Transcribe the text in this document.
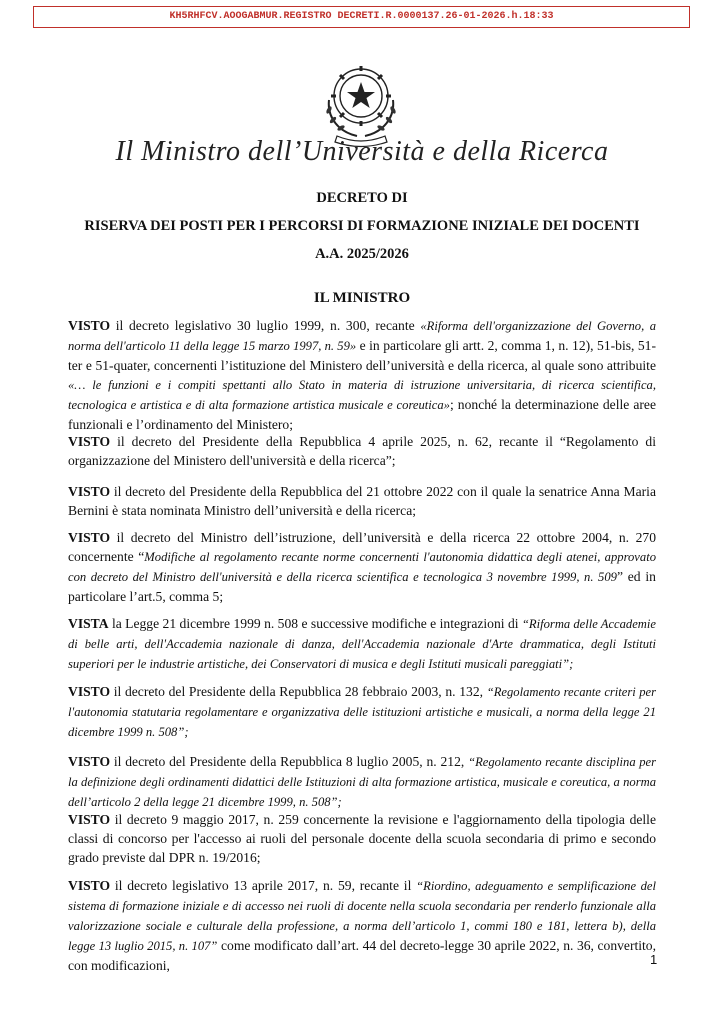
KH5RHFCV.AOOGABMUR.REGISTRO DECRETI.R.0000137.26-01-2026.h.18:33
Il Ministro dell’Università e della Ricerca
DECRETO DI
RISERVA DEI POSTI PER I PERCORSI DI FORMAZIONE INIZIALE DEI DOCENTI
A.A. 2025/2026
IL MINISTRO
VISTO il decreto legislativo 30 luglio 1999, n. 300, recante «Riforma dell'organizzazione del Governo, a norma dell'articolo 11 della legge 15 marzo 1997, n. 59» e in particolare gli artt. 2, comma 1, n. 12), 51-bis, 51-ter e 51-quater, concernenti l’istituzione del Ministero dell’università e della ricerca, al quale sono attribuite «… le funzioni e i compiti spettanti allo Stato in materia di istruzione universitaria, di ricerca scientifica, tecnologica e artistica e di alta formazione artistica musicale e coreutica»; nonché la determinazione delle aree funzionali e l’ordinamento del Ministero;
VISTO il decreto del Presidente della Repubblica 4 aprile 2025, n. 62, recante il “Regolamento di organizzazione del Ministero dell'università e della ricerca”;
VISTO il decreto del Presidente della Repubblica del 21 ottobre 2022 con il quale la senatrice Anna Maria Bernini è stata nominata Ministro dell’università e della ricerca;
VISTO il decreto del Ministro dell’istruzione, dell’università e della ricerca 22 ottobre 2004, n. 270 concernente “Modifiche al regolamento recante norme concernenti l'autonomia didattica degli atenei, approvato con decreto del Ministro dell'università e della ricerca scientifica e tecnologica 3 novembre 1999, n. 509” ed in particolare l’art.5, comma 5;
VISTA la Legge 21 dicembre 1999 n. 508 e successive modifiche e integrazioni di “Riforma delle Accademie di belle arti, dell'Accademia nazionale di danza, dell'Accademia nazionale d'Arte drammatica, degli Istituti superiori per le industrie artistiche, dei Conservatori di musica e degli Istituti musicali pareggiati”;
VISTO il decreto del Presidente della Repubblica 28 febbraio 2003, n. 132, “Regolamento recante criteri per l'autonomia statutaria regolamentare e organizzativa delle istituzioni artistiche e musicali, a norma della legge 21 dicembre 1999 n. 508”;
VISTO il decreto del Presidente della Repubblica 8 luglio 2005, n. 212, “Regolamento recante disciplina per la definizione degli ordinamenti didattici delle Istituzioni di alta formazione artistica, musicale e coreutica, a norma dell’articolo 2 della legge 21 dicembre 1999, n. 508”;
VISTO il decreto 9 maggio 2017, n. 259 concernente la revisione e l'aggiornamento della tipologia delle classi di concorso per l'accesso ai ruoli del personale docente della scuola secondaria di primo e secondo grado previste dal DPR n. 19/2016;
VISTO il decreto legislativo 13 aprile 2017, n. 59, recante il “Riordino, adeguamento e semplificazione del sistema di formazione iniziale e di accesso nei ruoli di docente nella scuola secondaria per renderlo funzionale alla valorizzazione sociale e culturale della professione, a norma dell’articolo 1, commi 180 e 181, lettera b), della legge 13 luglio 2015, n. 107” come modificato dall’art. 44 del decreto-legge 30 aprile 2022, n. 36, convertito, con modificazioni,	1
